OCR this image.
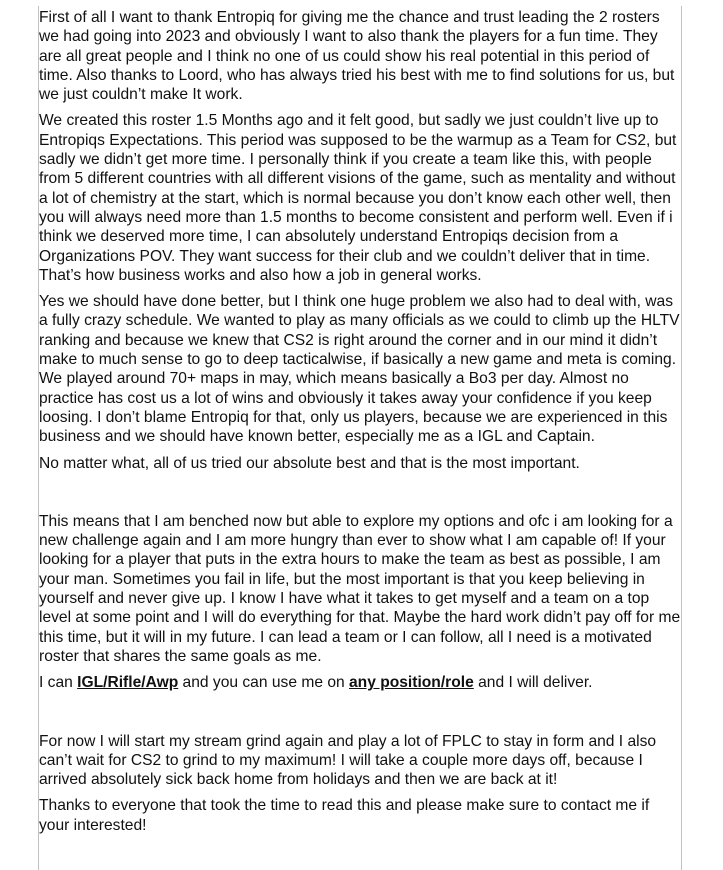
First of all I want to thank Entropiq for giving me the chance and trust leading the 2 rosters we had going into 2023 and obviously I want to also thank the players for a fun time. They are all great people and I think no one of us could show his real potential in this period of time. Also thanks to Loord, who has always tried his best with me to find solutions for us, but we just couldn’t make It work.

We created this roster 1.5 Months ago and it felt good, but sadly we just couldn’t live up to Entropiqs Expectations. This period was supposed to be the warmup as a Team for CS2, but sadly we didn’t get more time. I personally think if you create a team like this, with people from 5 different countries with all different visions of the game, such as mentality and without a lot of chemistry at the start, which is normal because you don’t know each other well, then you will always need more than 1.5 months to become consistent and perform well. Even if i think we deserved more time, I can absolutely understand Entropiqs decision from a Organizations POV. They want success for their club and we couldn’t deliver that in time. That’s how business works and also how a job in general works.

Yes we should have done better, but I think one huge problem we also had to deal with, was a fully crazy schedule. We wanted to play as many officials as we could to climb up the HLTV ranking and because we knew that CS2 is right around the corner and in our mind it didn’t make to much sense to go to deep tacticalwise, if basically a new game and meta is coming. We played around 70+ maps in may, which means basically a Bo3 per day. Almost no practice has cost us a lot of wins and obviously it takes away your confidence if you keep loosing. I don’t blame Entropiq for that, only us players, because we are experienced in this business and we should have known better, especially me as a IGL and Captain.

No matter what, all of us tried our absolute best and that is the most important.

This means that I am benched now but able to explore my options and ofc i am looking for a new challenge again and I am more hungry than ever to show what I am capable of! If your looking for a player that puts in the extra hours to make the team as best as possible, I am your man. Sometimes you fail in life, but the most important is that you keep believing in yourself and never give up. I know I have what it takes to get myself and a team on a top level at some point and I will do everything for that. Maybe the hard work didn’t pay off for me this time, but it will in my future. I can lead a team or I can follow, all I need is a motivated roster that shares the same goals as me.

I can IGL/Rifle/Awp and you can use me on any position/role and I will deliver.

For now I will start my stream grind again and play a lot of FPLC to stay in form and I also can’t wait for CS2 to grind to my maximum! I will take a couple more days off, because I arrived absolutely sick back home from holidays and then we are back at it!

Thanks to everyone that took the time to read this and please make sure to contact me if your interested!
